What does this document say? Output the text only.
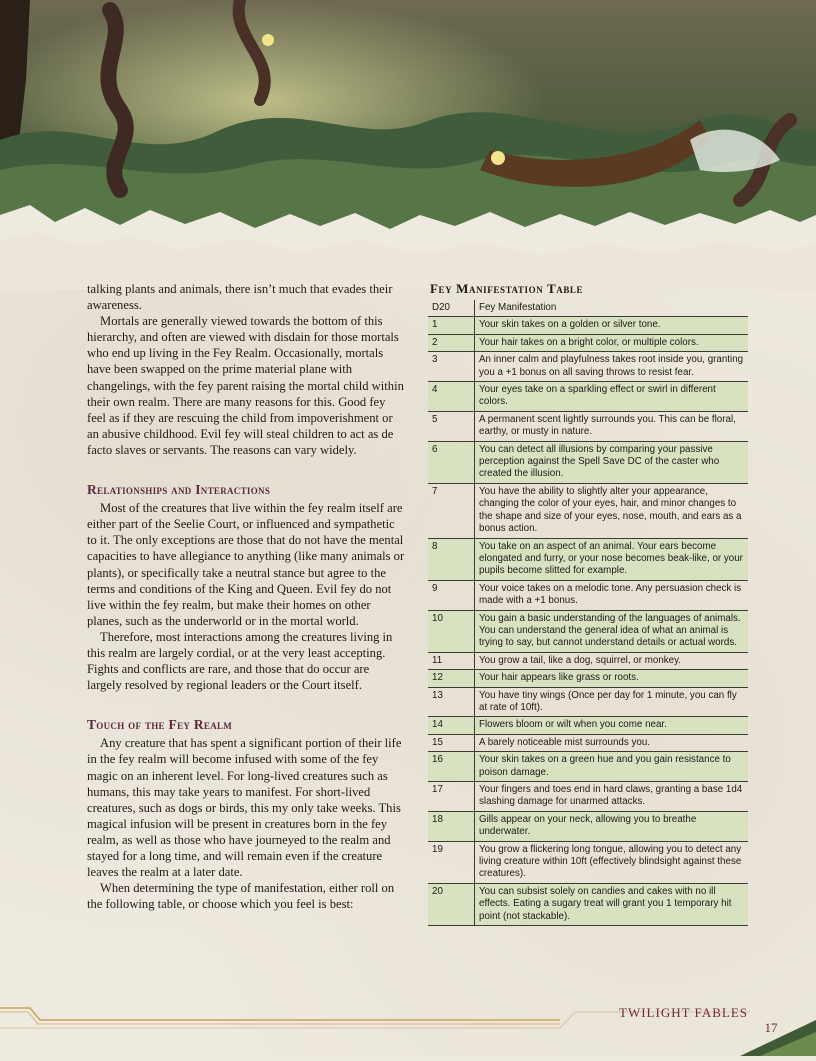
talking plants and animals, there isn’t much that evades their awareness.

Mortals are generally viewed towards the bottom of this hierarchy, and often are viewed with disdain for those mortals who end up living in the Fey Realm. Occasionally, mortals have been swapped on the prime material plane with changelings, with the fey parent raising the mortal child within their own realm. There are many reasons for this. Good fey feel as if they are rescuing the child from impoverishment or an abusive childhood. Evil fey will steal children to act as de facto slaves or servants. The reasons can vary widely.

Relationships and Interactions

Most of the creatures that live within the fey realm itself are either part of the Seelie Court, or influenced and sympathetic to it. The only exceptions are those that do not have the mental capacities to have allegiance to anything (like many animals or plants), or specifically take a neutral stance but agree to the terms and conditions of the King and Queen. Evil fey do not live within the fey realm, but make their homes on other planes, such as the underworld or in the mortal world.

Therefore, most interactions among the creatures living in this realm are largely cordial, or at the very least accepting. Fights and conflicts are rare, and those that do occur are largely resolved by regional leaders or the Court itself.

Touch of the Fey Realm

Any creature that has spent a significant portion of their life in the fey realm will become infused with some of the fey magic on an inherent level. For long-lived creatures such as humans, this may take years to manifest. For short-lived creatures, such as dogs or birds, this my only take weeks. This magical infusion will be present in creatures born in the fey realm, as well as those who have journeyed to the realm and stayed for a long time, and will remain even if the creature leaves the realm at a later date.

When determining the type of manifestation, either roll on the following table, or choose which you feel is best:

Fey Manifestation Table
D20	Fey Manifestation
1	Your skin takes on a golden or silver tone.
2	Your hair takes on a bright color, or multiple colors.
3	An inner calm and playfulness takes root inside you, granting you a +1 bonus on all saving throws to resist fear.
4	Your eyes take on a sparkling effect or swirl in different colors.
5	A permanent scent lightly surrounds you. This can be floral, earthy, or musty in nature.
6	You can detect all illusions by comparing your passive perception against the Spell Save DC of the caster who created the illusion.
7	You have the ability to slightly alter your appearance, changing the color of your eyes, hair, and minor changes to the shape and size of your eyes, nose, mouth, and ears as a bonus action.
8	You take on an aspect of an animal. Your ears become elongated and furry, or your nose becomes beak-like, or your pupils become slitted for example.
9	Your voice takes on a melodic tone. Any persuasion check is made with a +1 bonus.
10	You gain a basic understanding of the languages of animals. You can understand the general idea of what an animal is trying to say, but cannot understand details or actual words.
11	You grow a tail, like a dog, squirrel, or monkey.
12	Your hair appears like grass or roots.
13	You have tiny wings (Once per day for 1 minute, you can fly at rate of 10ft).
14	Flowers bloom or wilt when you come near.
15	A barely noticeable mist surrounds you.
16	Your skin takes on a green hue and you gain resistance to poison damage.
17	Your fingers and toes end in hard claws, granting a base 1d4 slashing damage for unarmed attacks.
18	Gills appear on your neck, allowing you to breathe underwater.
19	You grow a flickering long tongue, allowing you to detect any living creature within 10ft (effectively blindsight against these creatures).
20	You can subsist solely on candies and cakes with no ill effects. Eating a sugary treat will grant you 1 temporary hit point (not stackable).
TWILIGHT FABLES
17
